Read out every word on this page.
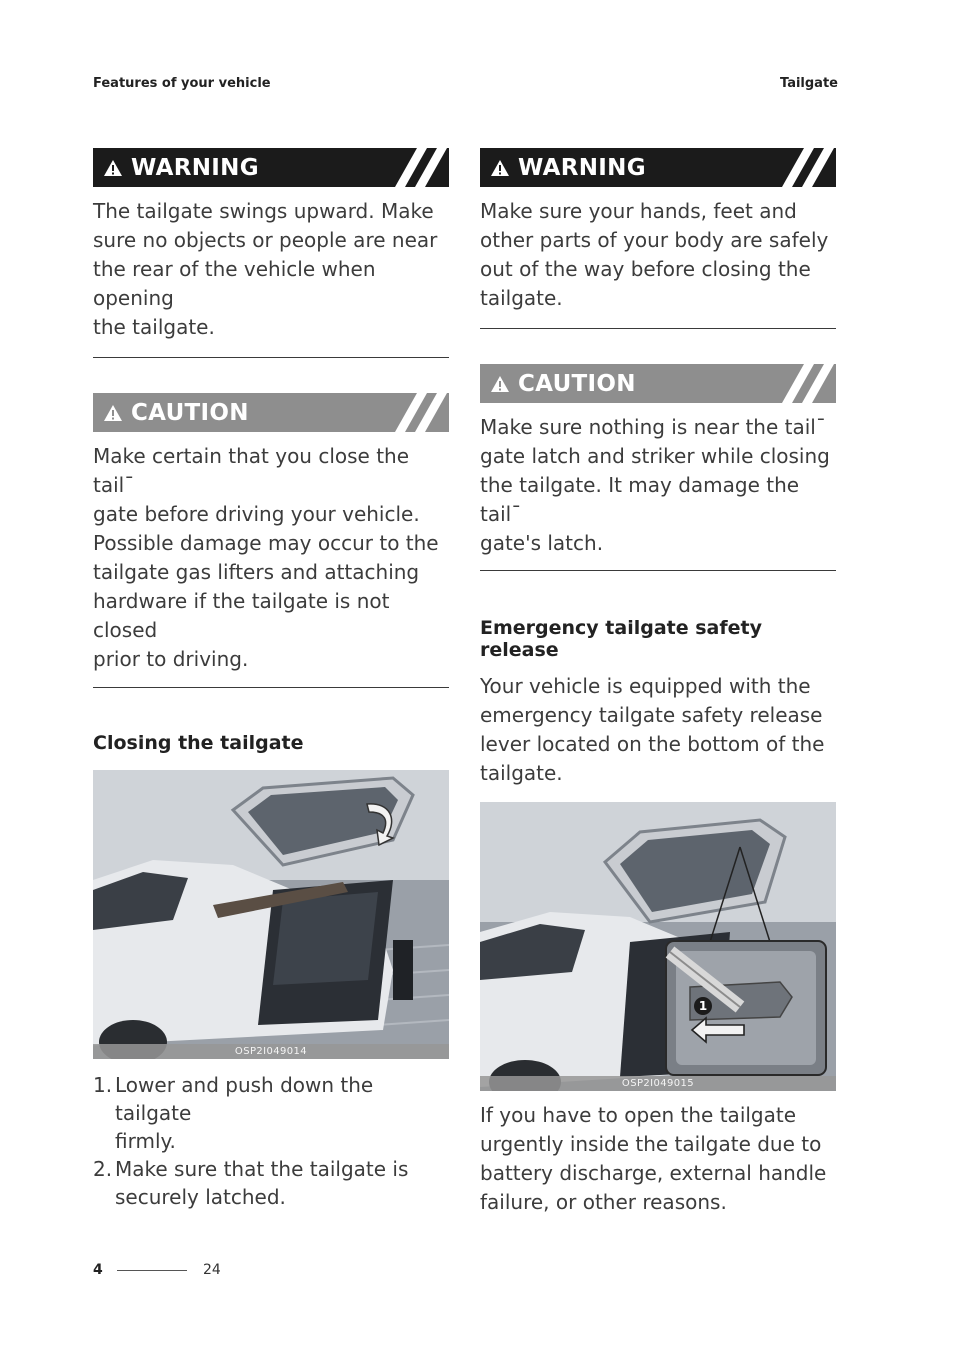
Features of your vehicle	Tailgate
WARNING

The tailgate swings upward. Make
sure no objects or people are near
the rear of the vehicle when opening
the tailgate.

CAUTION

Make certain that you close the tail¯
gate before driving your vehicle.
Possible damage may occur to the
tailgate gas lifters and attaching
hardware if the tailgate is not closed
prior to driving.

Closing the tailgate
OSP2I049014
1. Lower and push down the tailgate
firmly.
2. Make sure that the tailgate is
securely latched.
WARNING

Make sure your hands, feet and
other parts of your body are safely
out of the way before closing the
tailgate.

CAUTION

Make sure nothing is near the tail¯
gate latch and striker while closing
the tailgate. It may damage the tail¯
gate's latch.

Emergency tailgate safety release

Your vehicle is equipped with the
emergency tailgate safety release
lever located on the bottom of the
tailgate.

1
OSP2I049015

If you have to open the tailgate
urgently inside the tailgate due to
battery discharge, external handle
failure, or other reasons.

4	24
